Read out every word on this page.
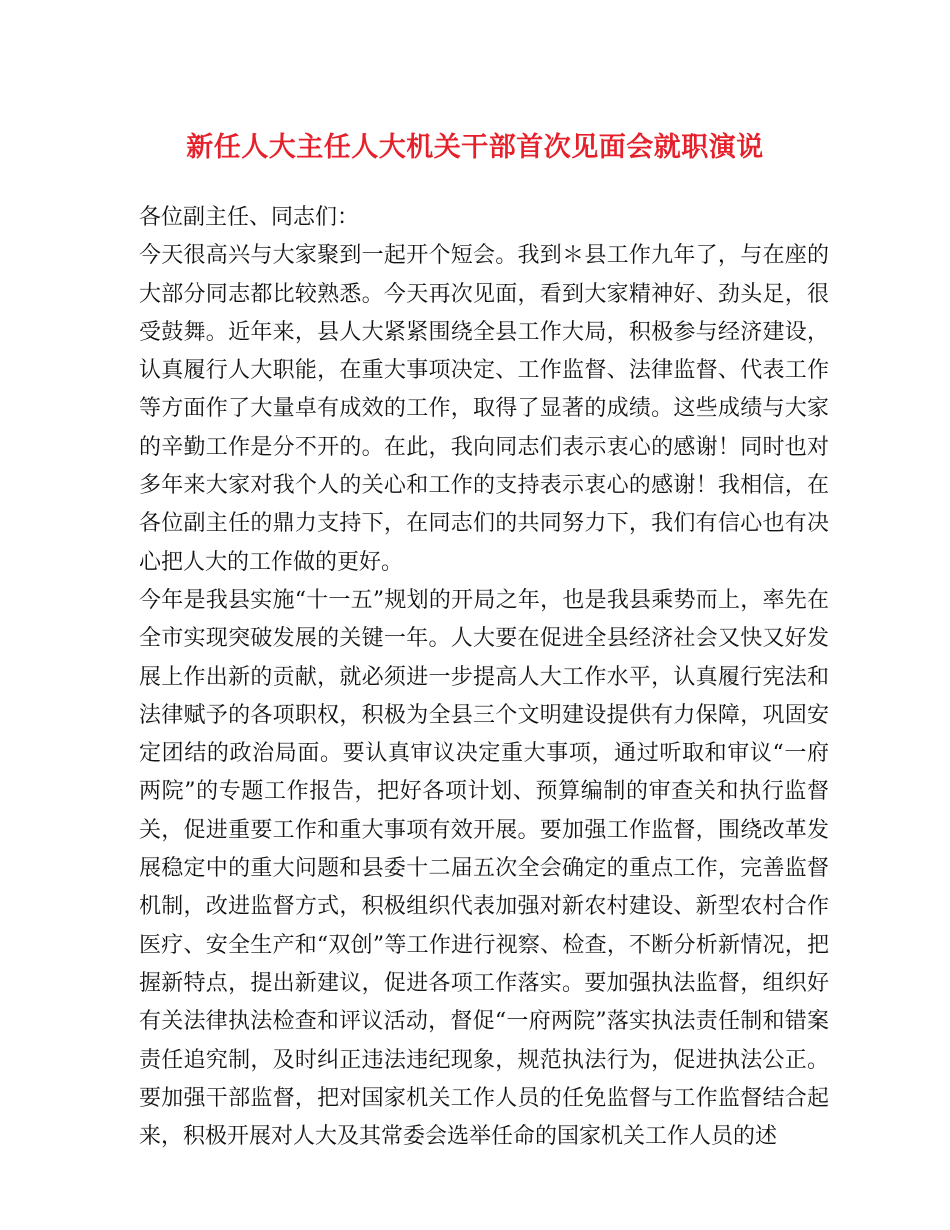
新任人大主任人大机关干部首次见面会就职演说

各位副主任、同志们：

今天很高兴与大家聚到一起开个短会。我到＊县工作九年了，与在座的大部分同志都比较熟悉。今天再次见面，看到大家精神好、劲头足，很受鼓舞。近年来，县人大紧紧围绕全县工作大局，积极参与经济建设，认真履行人大职能，在重大事项决定、工作监督、法律监督、代表工作等方面作了大量卓有成效的工作，取得了显著的成绩。这些成绩与大家的辛勤工作是分不开的。在此，我向同志们表示衷心的感谢！同时也对多年来大家对我个人的关心和工作的支持表示衷心的感谢！我相信，在各位副主任的鼎力支持下，在同志们的共同努力下，我们有信心也有决心把人大的工作做的更好。

今年是我县实施“十一五”规划的开局之年，也是我县乘势而上，率先在全市实现突破发展的关键一年。人大要在促进全县经济社会又快又好发展上作出新的贡献，就必须进一步提高人大工作水平，认真履行宪法和法律赋予的各项职权，积极为全县三个文明建设提供有力保障，巩固安定团结的政治局面。要认真审议决定重大事项，通过听取和审议“一府两院”的专题工作报告，把好各项计划、预算编制的审查关和执行监督关，促进重要工作和重大事项有效开展。要加强工作监督，围绕改革发展稳定中的重大问题和县委十二届五次全会确定的重点工作，完善监督机制，改进监督方式，积极组织代表加强对新农村建设、新型农村合作医疗、安全生产和“双创”等工作进行视察、检查，不断分析新情况，把握新特点，提出新建议，促进各项工作落实。要加强执法监督，组织好有关法律执法检查和评议活动，督促“一府两院”落实执法责任制和错案责任追究制，及时纠正违法违纪现象，规范执法行为，促进执法公正。要加强干部监督，把对国家机关工作人员的任免监督与工作监督结合起来，积极开展对人大及其常委会选举任命的国家机关工作人员的述
